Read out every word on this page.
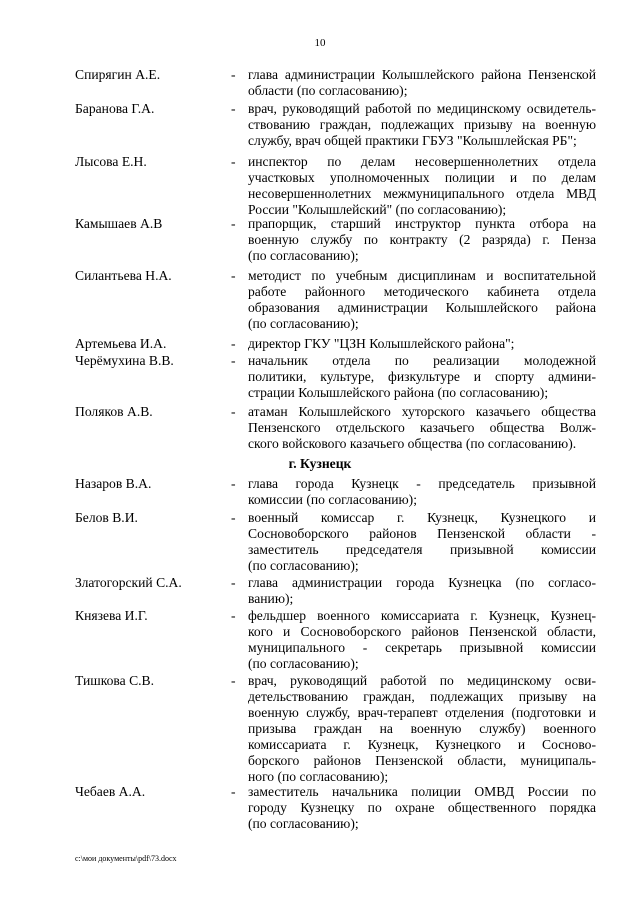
10
г. Кузнецк
c:\мои документы\pdf\73.docx
Спирягин А.Е.	- глава администрации Колышлейского района Пензенской
области (по согласованию);
Баранова Г.А.	- врач, руководящий работой по медицинскому освидетель-
ствованию граждан, подлежащих призыву на военную
службу, врач общей практики ГБУЗ "Колышлейская РБ";
Лысова Е.Н.	- инспектор по делам несовершеннолетних отдела
участковых уполномоченных полиции и по делам
несовершеннолетних межмуниципального отдела МВД
России "Колышлейский" (по согласованию);
Камышаев А.В	- прапорщик, старший инструктор пункта отбора на
военную службу по контракту (2 разряда) г. Пенза
(по согласованию);
Силантьева Н.А.	- методист по учебным дисциплинам и воспитательной
работе районного методического кабинета отдела
образования администрации Колышлейского района
(по согласованию);
Артемьева И.А.	- директор ГКУ "ЦЗН Колышлейского района";
Черёмухина В.В.	- начальник отдела по реализации молодежной
политики, культуре, физкультуре и спорту админи-
страции Колышлейского района (по согласованию);
Поляков А.В.	- атаман Колышлейского хуторского казачьего общества
Пензенского отдельского казачьего общества Волж-
ского войскового казачьего общества (по согласованию).
Назаров В.А.	- глава города Кузнецк - председатель призывной
комиссии (по согласованию);
Белов В.И.	- военный комиссар г. Кузнецк, Кузнецкого и
Сосновоборского районов Пензенской области -
заместитель председателя призывной комиссии
(по согласованию);
Златогорский С.А.	- глава администрации города Кузнецка (по согласо-
ванию);
Князева И.Г.	- фельдшер военного комиссариата г. Кузнецк, Кузнец-
кого и Сосновоборского районов Пензенской области,
муниципального - секретарь призывной комиссии
(по согласованию);
Тишкова С.В.	- врач, руководящий работой по медицинскому осви-
детельствованию граждан, подлежащих призыву на
военную службу, врач-терапевт отделения (подготовки и
призыва граждан на военную службу) военного
комиссариата г. Кузнецк, Кузнецкого и Сосново-
борского районов Пензенской области, муниципаль-
ного (по согласованию);
Чебаев А.А.	- заместитель начальника полиции ОМВД России по
городу Кузнецку по охране общественного порядка
(по согласованию);
